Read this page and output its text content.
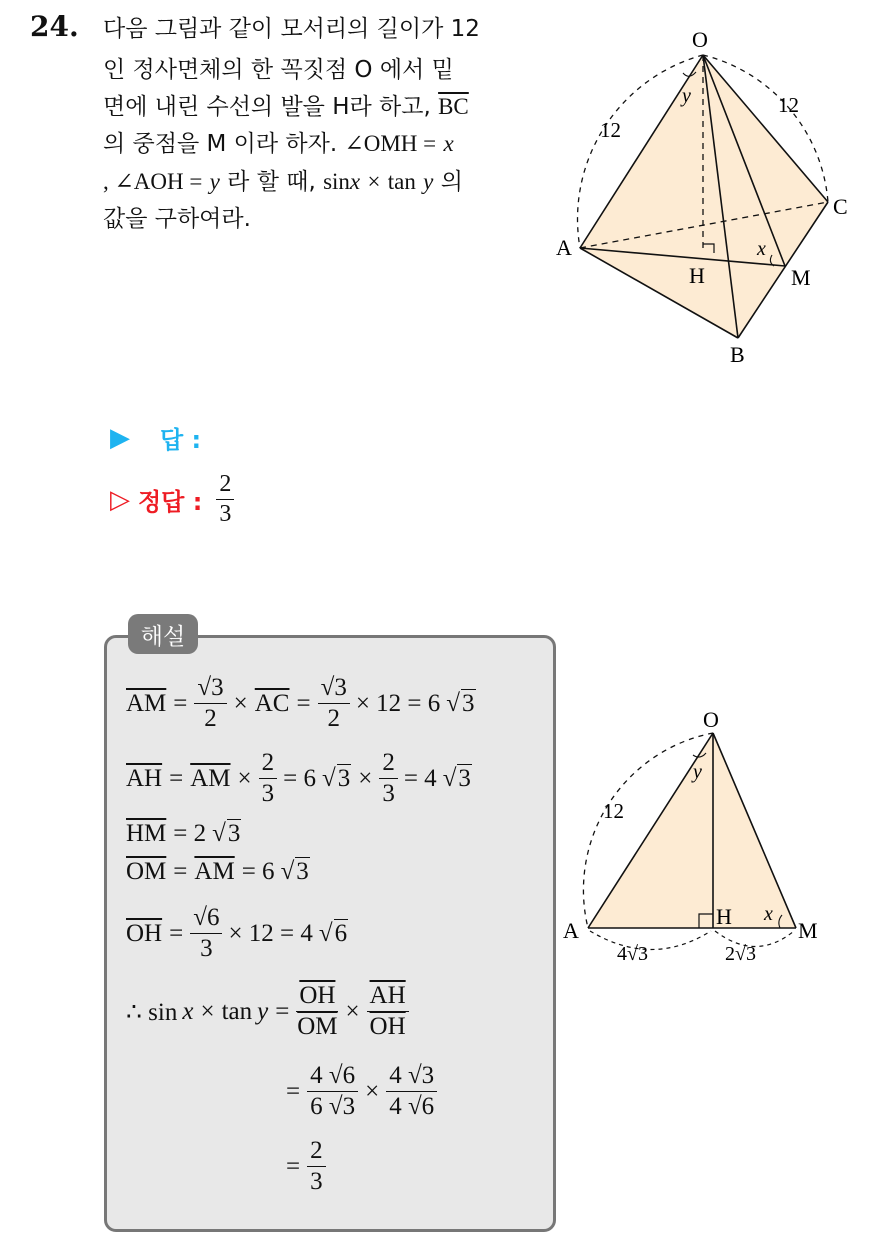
24. 다음 그림과 같이 모서리의 길이가 12
인 정사면체의 한 꼭짓점 O 에서 밑
면에 내린 수선의 발을 H라 하고, $\overline{BC}$
의 중점을 M 이라 하자. ∠OMH = x
, ∠AOH = y 라 할 때, sinx × tan y 의
값을 구하여라.
O
A
B
C
H	M
x
y
12
12
▶ 답 :
▷ 정답 : $\frac{2}{3}$
해설
$\overline{AM} = \frac{√3}{2} \times \overline{AC} = \frac{√3}{2} \times 12 = 6$ √3
$\overline{AH} = \overline{AM} \times \frac{2}{3} = 6$ $√3 \times \frac{2}{3} = 4$ √3
$\overline{HM} = 2$ √3
$\overline{OM} = \overline{AM} = 6$ √3
$\overline{OH} = \frac{√6}{3} \times 12 = 4$ √6
∴ $\sin x \times \tan y = \frac{\overline{OH}}{OM} \times \frac{\overline{AH}}{OH}$
= $\frac{4 √6}{6 √3} \times \frac{4 √3}{4 √6}$
= $\frac{2}{3}$
O
A
H
M
x
y
12
4√3	2√3
